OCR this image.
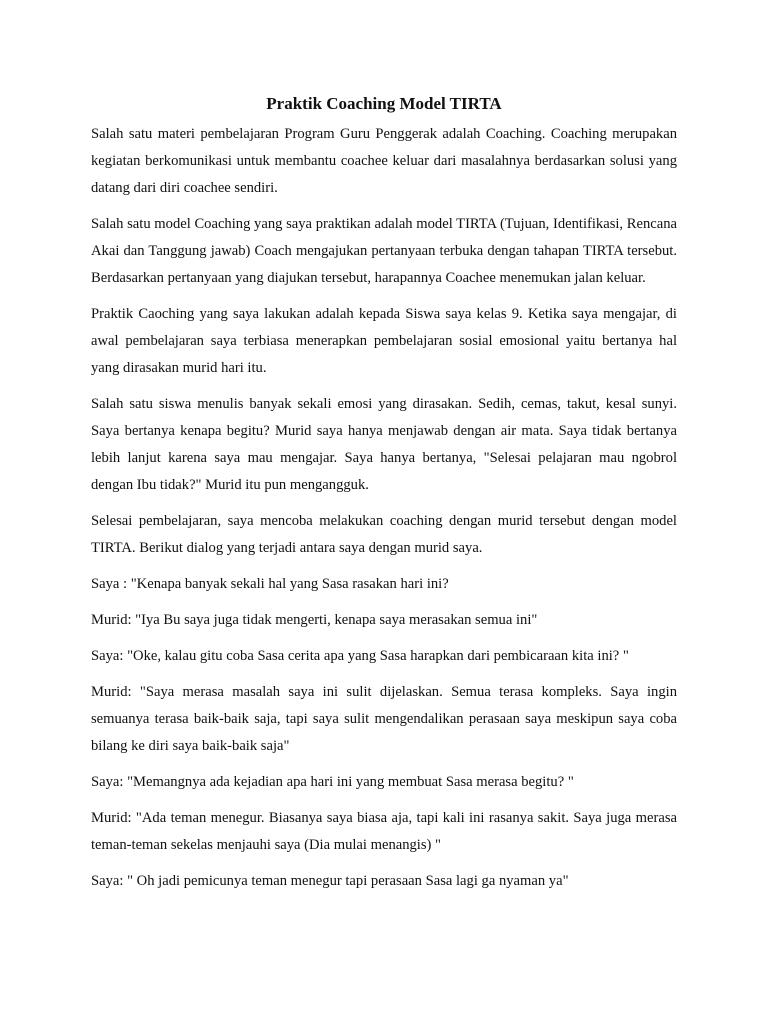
Praktik Coaching Model TIRTA

Salah satu materi pembelajaran Program Guru Penggerak adalah Coaching. Coaching merupakan kegiatan berkomunikasi untuk membantu coachee keluar dari masalahnya berdasarkan solusi yang datang dari diri coachee sendiri.

Salah satu model Coaching yang saya praktikan adalah model TIRTA (Tujuan, Identifikasi, Rencana Akai dan Tanggung jawab) Coach mengajukan pertanyaan terbuka dengan tahapan TIRTA tersebut. Berdasarkan pertanyaan yang diajukan tersebut, harapannya Coachee menemukan jalan keluar.

Praktik Caoching yang saya lakukan adalah kepada Siswa saya kelas 9. Ketika saya mengajar, di awal pembelajaran saya terbiasa menerapkan pembelajaran sosial emosional yaitu bertanya hal yang dirasakan murid hari itu.

Salah satu siswa menulis banyak sekali emosi yang dirasakan. Sedih, cemas, takut, kesal sunyi. Saya bertanya kenapa begitu? Murid saya hanya menjawab dengan air mata. Saya tidak bertanya lebih lanjut karena saya mau mengajar. Saya hanya bertanya, "Selesai pelajaran mau ngobrol dengan Ibu tidak?" Murid itu pun mengangguk.

Selesai pembelajaran, saya mencoba melakukan coaching dengan murid tersebut dengan model TIRTA. Berikut dialog yang terjadi antara saya dengan murid saya.

Saya : "Kenapa banyak sekali hal yang Sasa rasakan hari ini?

Murid: "Iya Bu saya juga tidak mengerti, kenapa saya merasakan semua ini"

Saya: "Oke, kalau gitu coba Sasa cerita apa yang Sasa harapkan dari pembicaraan kita ini? "

Murid: "Saya merasa masalah saya ini sulit dijelaskan. Semua terasa kompleks. Saya ingin semuanya terasa baik-baik saja, tapi saya sulit mengendalikan perasaan saya meskipun saya coba bilang ke diri saya baik-baik saja"

Saya: "Memangnya ada kejadian apa hari ini yang membuat Sasa merasa begitu? "

Murid: "Ada teman menegur. Biasanya saya biasa aja, tapi kali ini rasanya sakit. Saya juga merasa teman-teman sekelas menjauhi saya (Dia mulai menangis) "

Saya: " Oh jadi pemicunya teman menegur tapi perasaan Sasa lagi ga nyaman ya"
